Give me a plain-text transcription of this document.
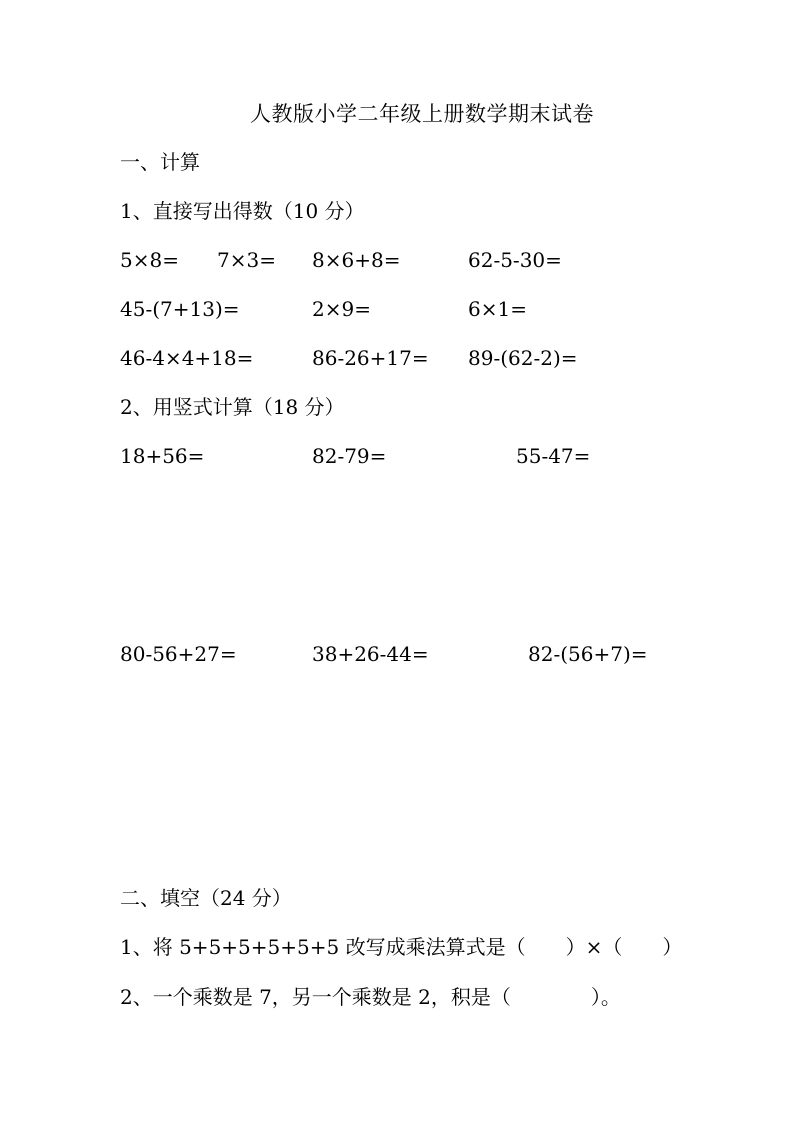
人教版小学二年级上册数学期末试卷
一、计算
1、直接写出得数（10 分）
5×8= 7×3= 8×6+8=	62-5-30=
45-(7+13)=	2×9=	6×1=
46-4×4+18=	86-26+17= 89-(62-2)=
2、用竖式计算（18 分）
18+56=	82-79=	55-47=
80-56+27=	38+26-44=	82-(56+7)=
二、填空（24 分）
1、将 5+5+5+5+5+5 改写成乘法算式是（　　）×（　　）
2、一个乘数是 7，另一个乘数是 2，积是（　　　　）。
